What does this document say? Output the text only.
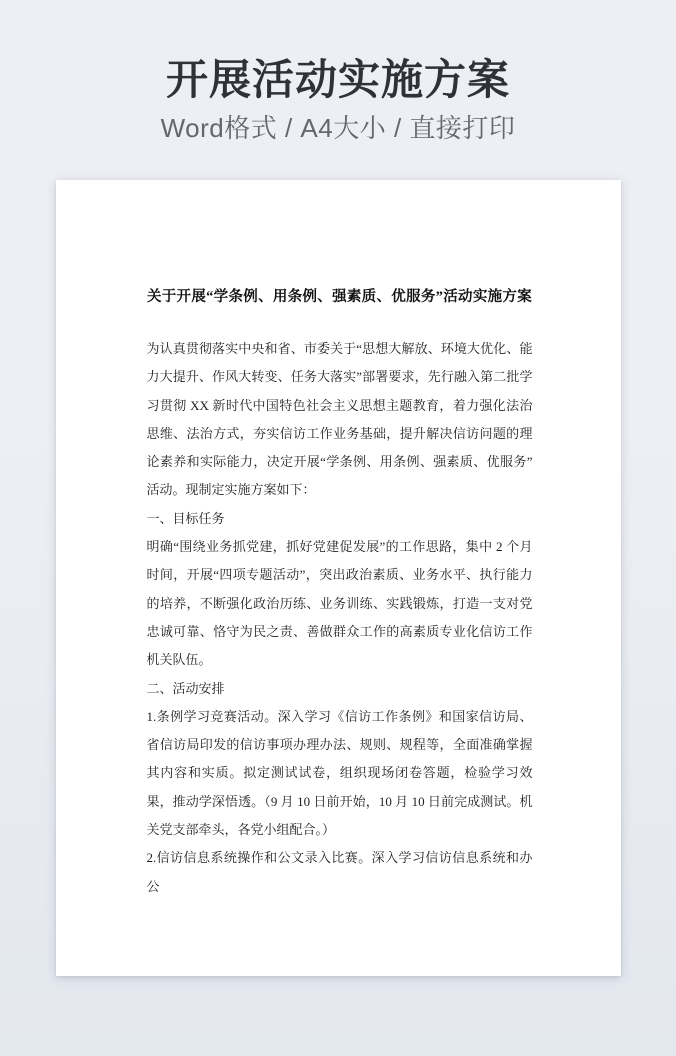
开展活动实施方案

Word格式 / A4大小 / 直接打印

关于开展“学条例、用条例、强素质、优服务”活动实施方案

为认真贯彻落实中央和省、市委关于“思想大解放、环境大优化、能力大提升、作风大转变、任务大落实”部署要求，先行融入第二批学习贯彻 XX 新时代中国特色社会主义思想主题教育，着力强化法治思维、法治方式，夯实信访工作业务基础，提升解决信访问题的理论素养和实际能力，决定开展“学条例、用条例、强素质、优服务”活动。现制定实施方案如下：

一、目标任务

明确“围绕业务抓党建，抓好党建促发展”的工作思路，集中 2 个月时间，开展“四项专题活动”，突出政治素质、业务水平、执行能力的培养，不断强化政治历练、业务训练、实践锻炼，打造一支对党忠诚可靠、恪守为民之责、善做群众工作的高素质专业化信访工作机关队伍。

二、活动安排

1.条例学习竞赛活动。深入学习《信访工作条例》和国家信访局、省信访局印发的信访事项办理办法、规则、规程等，全面准确掌握其内容和实质。拟定测试试卷，组织现场闭卷答题，检验学习效果，推动学深悟透。（9 月 10 日前开始，10 月 10 日前完成测试。机关党支部牵头，各党小组配合。）

2.信访信息系统操作和公文录入比赛。深入学习信访信息系统和办公
